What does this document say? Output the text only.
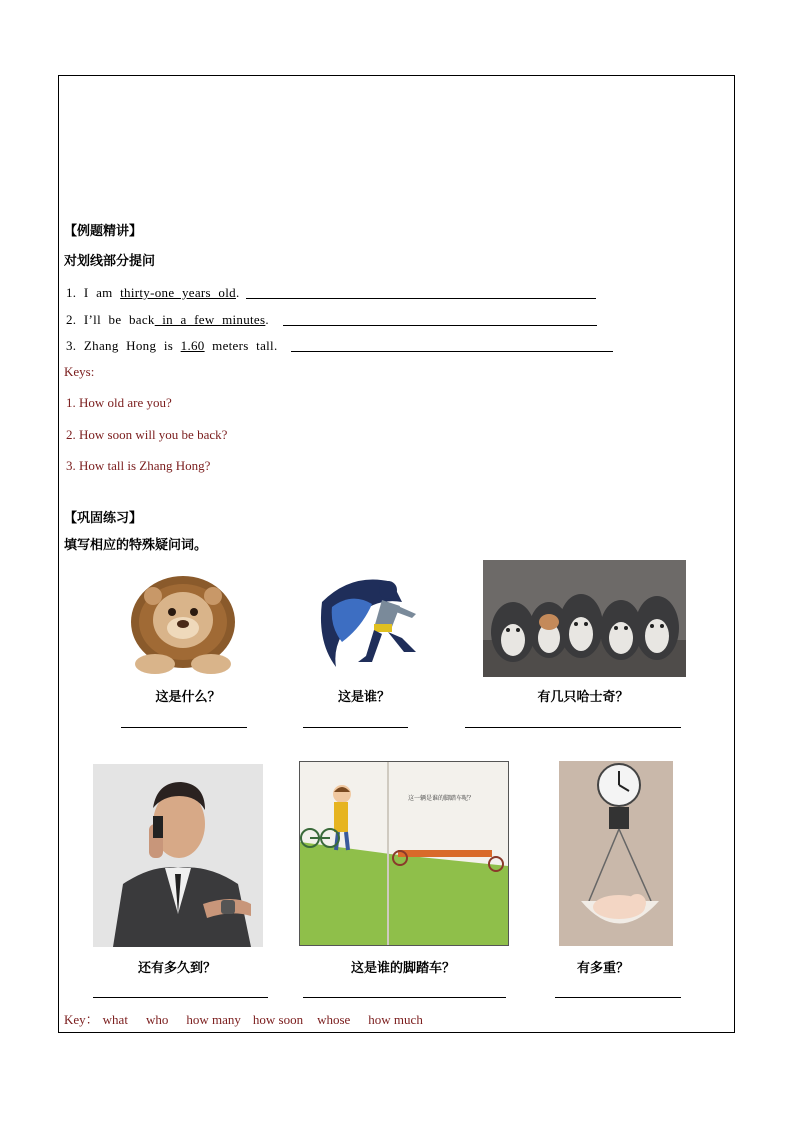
【例题精讲】
对划线部分提问
1. I am thirty-one years old.
2. I’ll be back in a few minutes.
3. Zhang Hong is 1.60 meters tall.
Keys:
1. How old are you?
2. How soon will you be back?
3. How tall is Zhang Hong?
【巩固练习】
填写相应的特殊疑问词。
这是什么？	这是谁？	有几只哈士奇？
这一辆是谁的脚踏车呢？
还有多久到？	这是谁的脚踏车？	有多重？
Key： what who how many how soon whose how much
